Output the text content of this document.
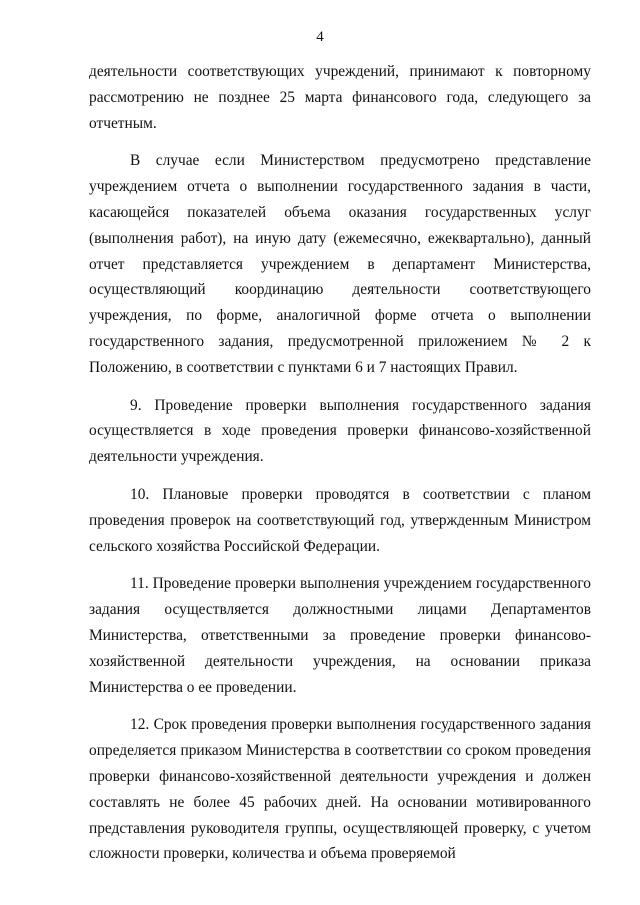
4

деятельности соответствующих учреждений, принимают к повторному рассмотрению не позднее 25 марта финансового года, следующего за отчетным.

В случае если Министерством предусмотрено представление учреждением отчета о выполнении государственного задания в части, касающейся показателей объема оказания государственных услуг (выполнения работ), на иную дату (ежемесячно, ежеквартально), данный отчет представляется учреждением в департамент Министерства, осуществляющий координацию деятельности соответствующего учреждения, по форме, аналогичной форме отчета о выполнении государственного задания, предусмотренной приложением № 2 к Положению, в соответствии с пунктами 6 и 7 настоящих Правил.

9. Проведение проверки выполнения государственного задания осуществляется в ходе проведения проверки финансово-хозяйственной деятельности учреждения.

10. Плановые проверки проводятся в соответствии с планом проведения проверок на соответствующий год, утвержденным Министром сельского хозяйства Российской Федерации.

11. Проведение проверки выполнения учреждением государственного задания осуществляется должностными лицами Департаментов Министерства, ответственными за проведение проверки финансово-хозяйственной деятельности учреждения, на основании приказа Министерства о ее проведении.

12. Срок проведения проверки выполнения государственного задания определяется приказом Министерства в соответствии со сроком проведения проверки финансово-хозяйственной деятельности учреждения и должен составлять не более 45 рабочих дней. На основании мотивированного представления руководителя группы, осуществляющей проверку, с учетом сложности проверки, количества и объема проверяемой
